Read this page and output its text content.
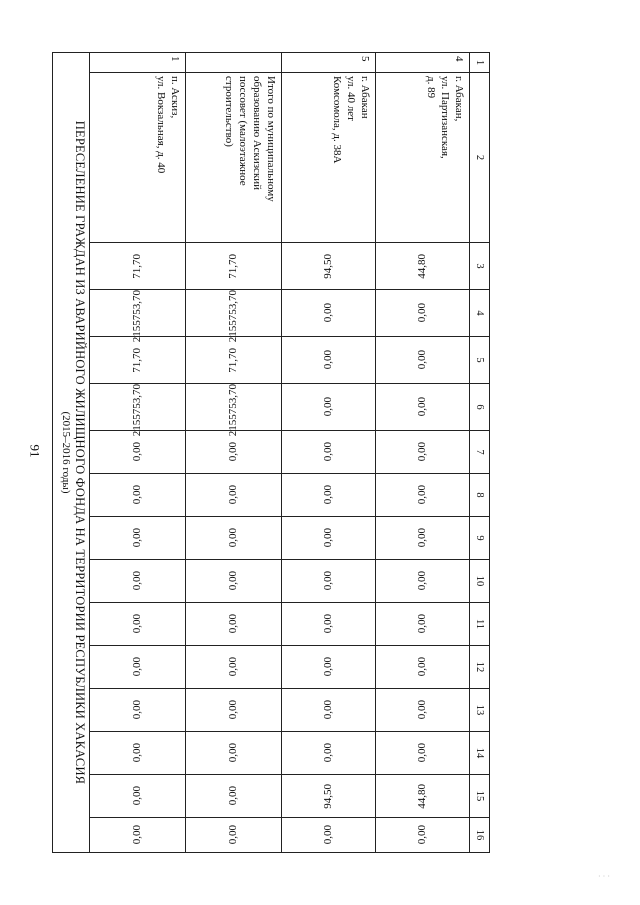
91
1	2	3	4	5	6	7	8	9	10	11	12	13	14	15	16
4	г. Абакан,
ул. Партизанская,
д. 89	44,80	0,00	0,00	0,00	0,00	0,00	0,00	0,00	0,00	0,00	0,00	0,00	44,80	0,00
5	г. Абакан
ул. 40 лет
Комсомола, д. 38А	94,50	0,00	0,00	0,00	0,00	0,00	0,00	0,00	0,00	0,00	0,00	0,00	94,50	0,00

	Итого по муниципальному
образованию Аскизский
поссовет (малоэтажное
строительство)	71,70	2155753,70	71,70	2155753,70	0,00	0,00	0,00	0,00	0,00	0,00	0,00	0,00	0,00	0,00
1	п. Аскиз,
ул. Вокзальная, д. 40	71,70	2155753,70	71,70	2155753,70	0,00	0,00	0,00	0,00	0,00	0,00	0,00	0,00	0,00	0,00

ПЕРЕСЕЛЕНИЕ ГРАЖДАН ИЗ АВАРИЙНОГО ЖИЛИЩНОГО ФОНДА НА ТЕРРИТОРИИ РЕСПУБЛИКИ ХАКАСИЯ
(2015–2016 годы)															
· · ·
